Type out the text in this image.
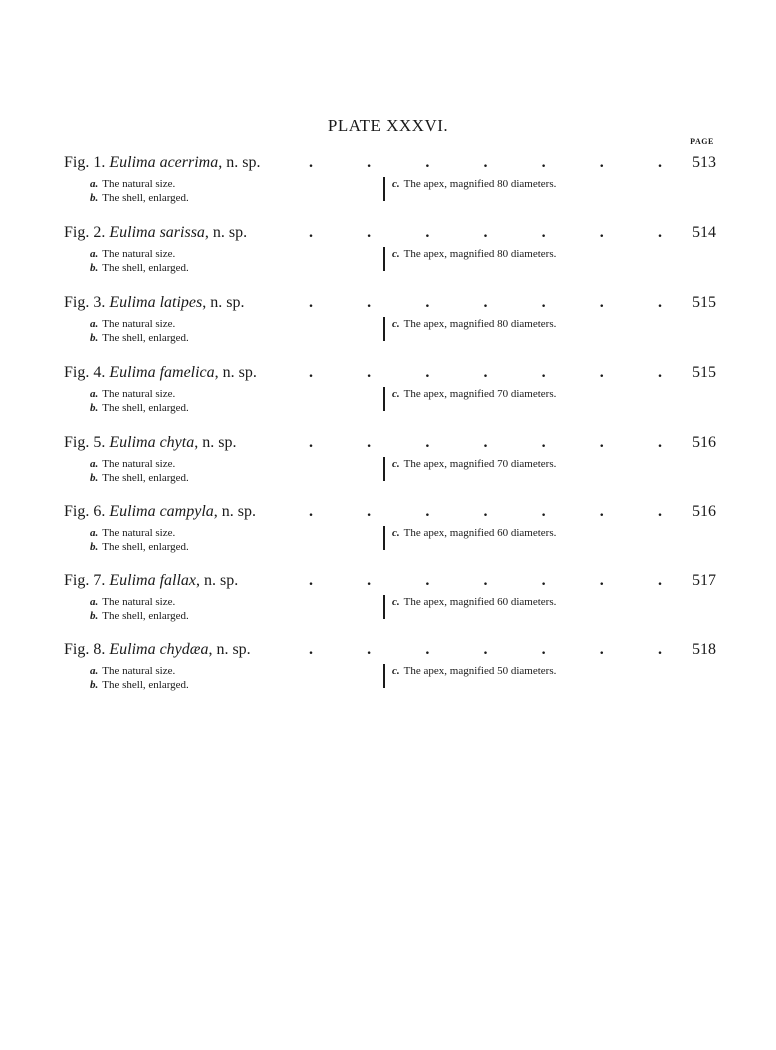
PLATE XXXVI.
PAGE
Fig. 1. Eulima acerrima, n. sp.	.	.	.	.	.	.	. 513
a. The natural size.
b. The shell, enlarged.
c. The apex, magnified 80 diameters.
Fig. 2. Eulima sarissa, n. sp.	.	.	.	.	.	.	. 514
a. The natural size.
b. The shell, enlarged.
c. The apex, magnified 80 diameters.
Fig. 3. Eulima latipes, n. sp.	.	.	.	.	.	.	. 515
a. The natural size.
b. The shell, enlarged.
c. The apex, magnified 80 diameters.
Fig. 4. Eulima famelica, n. sp.	.	.	.	.	.	.	. 515
a. The natural size.
b. The shell, enlarged.
c. The apex, magnified 70 diameters.
Fig. 5. Eulima chyta, n. sp.	.	.	.	.	.	.	. 516
a. The natural size.
b. The shell, enlarged.
c. The apex, magnified 70 diameters.
Fig. 6. Eulima campyla, n. sp.	.	.	.	.	.	.	. 516
a. The natural size.
b. The shell, enlarged.
c. The apex, magnified 60 diameters.
Fig. 7. Eulima fallax, n. sp.	.	.	.	.	.	.	. 517
a. The natural size.
b. The shell, enlarged.
c. The apex, magnified 60 diameters.
Fig. 8. Eulima chydæa, n. sp.	.	.	.	.	.	.	. 518
a. The natural size.
b. The shell, enlarged.
c. The apex, magnified 50 diameters.
